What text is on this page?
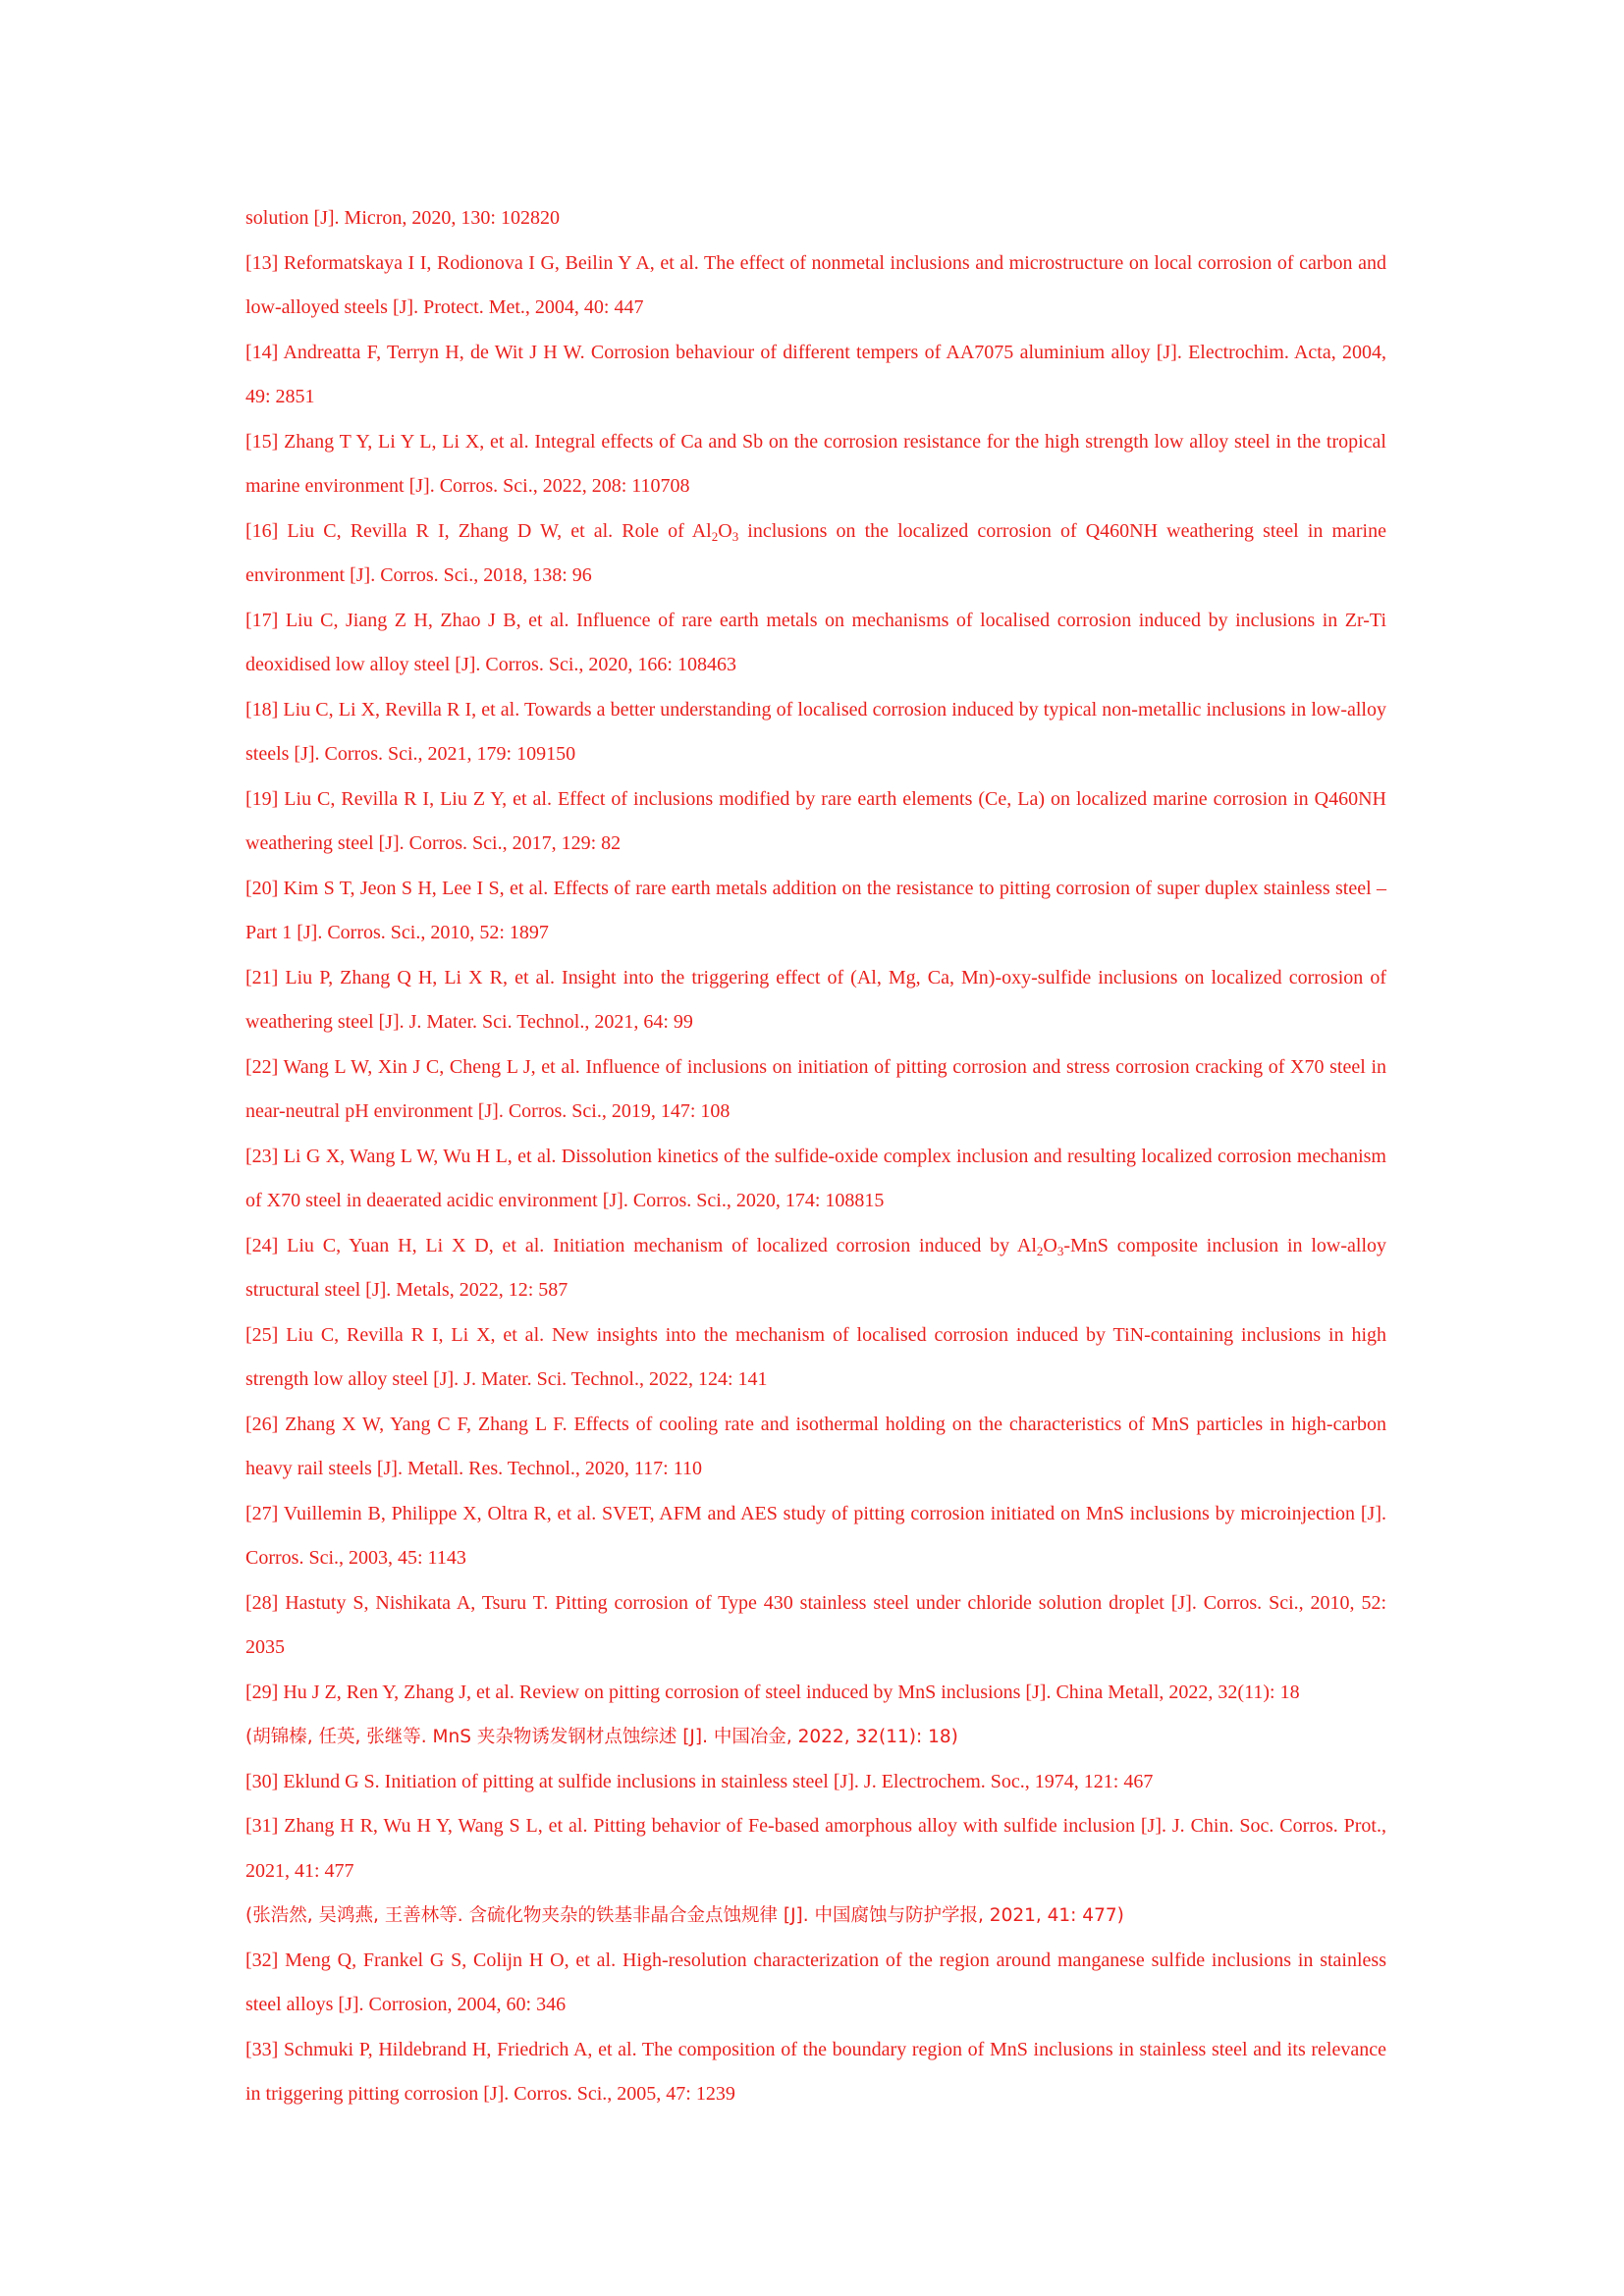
solution [J]. Micron, 2020, 130: 102820

[13] Reformatskaya I I, Rodionova I G, Beilin Y A, et al. The effect of nonmetal inclusions and microstructure on local corrosion of carbon and low-alloyed steels [J]. Protect. Met., 2004, 40: 447

[14] Andreatta F, Terryn H, de Wit J H W. Corrosion behaviour of different tempers of AA7075 aluminium alloy [J]. Electrochim. Acta, 2004, 49: 2851

[15] Zhang T Y, Li Y L, Li X, et al. Integral effects of Ca and Sb on the corrosion resistance for the high strength low alloy steel in the tropical marine environment [J]. Corros. Sci., 2022, 208: 110708

[16] Liu C, Revilla R I, Zhang D W, et al. Role of $Al_2O_3$ inclusions on the localized corrosion of Q460NH weathering steel in marine environment [J]. Corros. Sci., 2018, 138: 96

[17] Liu C, Jiang Z H, Zhao J B, et al. Influence of rare earth metals on mechanisms of localised corrosion induced by inclusions in Zr-Ti deoxidised low alloy steel [J]. Corros. Sci., 2020, 166: 108463

[18] Liu C, Li X, Revilla R I, et al. Towards a better understanding of localised corrosion induced by typical non-metallic inclusions in low-alloy steels [J]. Corros. Sci., 2021, 179: 109150

[19] Liu C, Revilla R I, Liu Z Y, et al. Effect of inclusions modified by rare earth elements (Ce, La) on localized marine corrosion in Q460NH weathering steel [J]. Corros. Sci., 2017, 129: 82

[20] Kim S T, Jeon S H, Lee I S, et al. Effects of rare earth metals addition on the resistance to pitting corrosion of super duplex stainless steel – Part 1 [J]. Corros. Sci., 2010, 52: 1897

[21] Liu P, Zhang Q H, Li X R, et al. Insight into the triggering effect of (Al, Mg, Ca, Mn)-oxy-sulfide inclusions on localized corrosion of weathering steel [J]. J. Mater. Sci. Technol., 2021, 64: 99

[22] Wang L W, Xin J C, Cheng L J, et al. Influence of inclusions on initiation of pitting corrosion and stress corrosion cracking of X70 steel in near-neutral pH environment [J]. Corros. Sci., 2019, 147: 108

[23] Li G X, Wang L W, Wu H L, et al. Dissolution kinetics of the sulfide-oxide complex inclusion and resulting localized corrosion mechanism of X70 steel in deaerated acidic environment [J]. Corros. Sci., 2020, 174: 108815

[24] Liu C, Yuan H, Li X D, et al. Initiation mechanism of localized corrosion induced by $Al_2O_3$-MnS composite inclusion in low-alloy structural steel [J]. Metals, 2022, 12: 587

[25] Liu C, Revilla R I, Li X, et al. New insights into the mechanism of localised corrosion induced by TiN-containing inclusions in high strength low alloy steel [J]. J. Mater. Sci. Technol., 2022, 124: 141

[26] Zhang X W, Yang C F, Zhang L F. Effects of cooling rate and isothermal holding on the characteristics of MnS particles in high-carbon heavy rail steels [J]. Metall. Res. Technol., 2020, 117: 110

[27] Vuillemin B, Philippe X, Oltra R, et al. SVET, AFM and AES study of pitting corrosion initiated on MnS inclusions by microinjection [J]. Corros. Sci., 2003, 45: 1143

[28] Hastuty S, Nishikata A, Tsuru T. Pitting corrosion of Type 430 stainless steel under chloride solution droplet [J]. Corros. Sci., 2010, 52: 2035

[29] Hu J Z, Ren Y, Zhang J, et al. Review on pitting corrosion of steel induced by MnS inclusions [J]. China Metall, 2022, 32(11): 18

(胡锦榛, 任英, 张继等. MnS 夹杂物诱发钢材点蚀综述 [J]. 中国冶金, 2022, 32(11): 18)

[30] Eklund G S. Initiation of pitting at sulfide inclusions in stainless steel [J]. J. Electrochem. Soc., 1974, 121: 467

[31] Zhang H R, Wu H Y, Wang S L, et al. Pitting behavior of Fe-based amorphous alloy with sulfide inclusion [J]. J. Chin. Soc. Corros. Prot., 2021, 41: 477

(张浩然, 吴鸿燕, 王善林等. 含硫化物夹杂的铁基非晶合金点蚀规律 [J]. 中国腐蚀与防护学报, 2021, 41: 477)

[32] Meng Q, Frankel G S, Colijn H O, et al. High-resolution characterization of the region around manganese sulfide inclusions in stainless steel alloys [J]. Corrosion, 2004, 60: 346

[33] Schmuki P, Hildebrand H, Friedrich A, et al. The composition of the boundary region of MnS inclusions in stainless steel and its relevance in triggering pitting corrosion [J]. Corros. Sci., 2005, 47: 1239
